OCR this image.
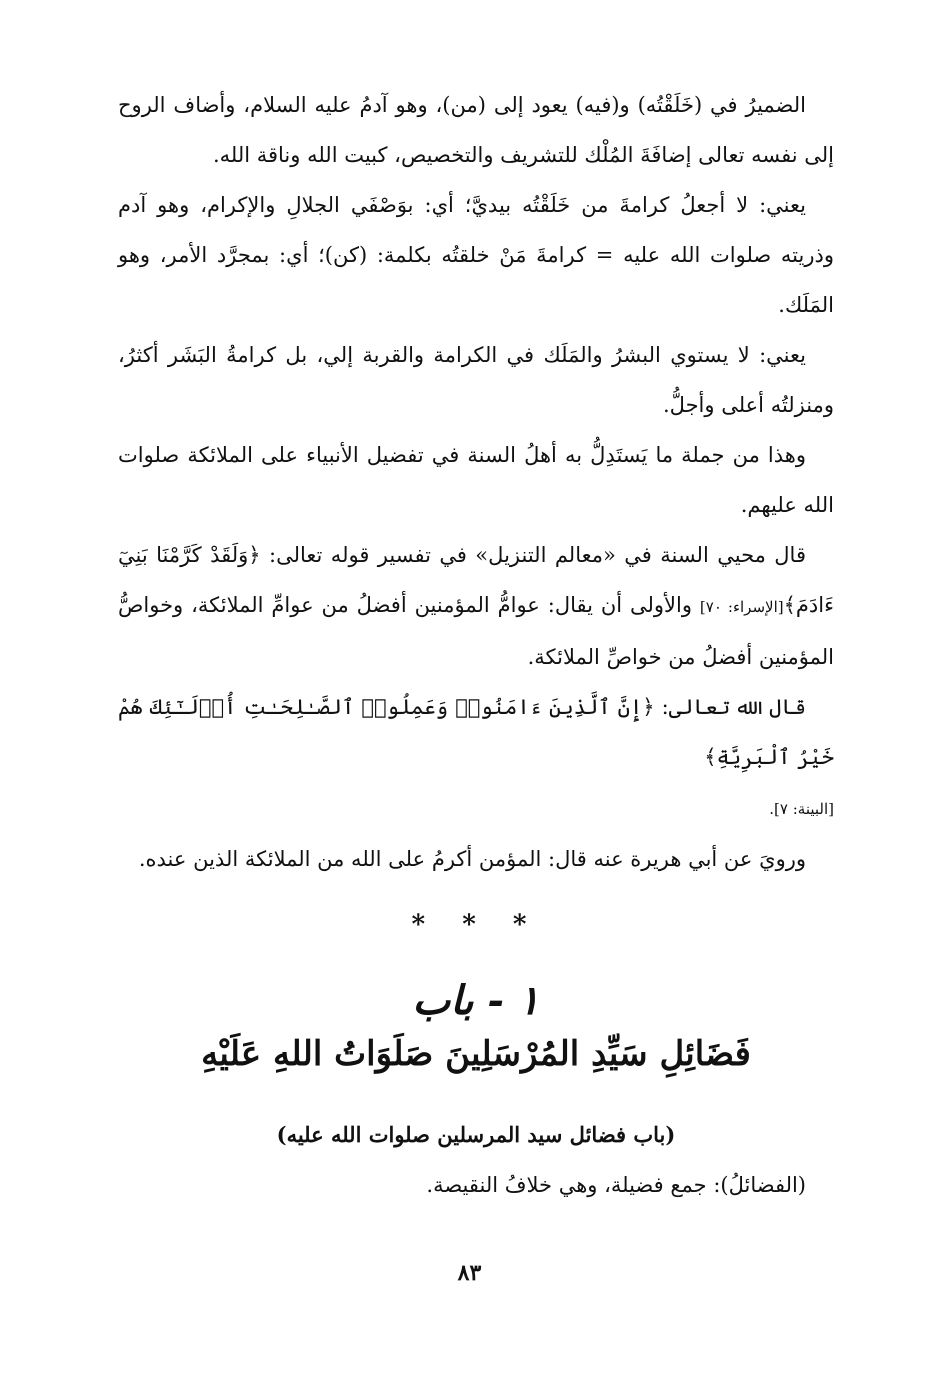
الضميرُ في (خَلَقْتُه) و(فيه) يعود إلى (من)، وهو آدمُ عليه السلام، وأضاف الروح إلى نفسه تعالى إضافَةَ المُلْك للتشريف والتخصيص، كبيت الله وناقة الله.

يعني: لا أجعلُ كرامةَ من خَلَقْتُه بيديَّ؛ أي: بوَصْفَي الجلالِ والإكرام، وهو آدم وذريته صلوات الله عليه = كرامةَ مَنْ خلقتُه بكلمة: (كن)؛ أي: بمجرَّد الأمر، وهو المَلَك.

يعني: لا يستوي البشرُ والمَلَك في الكرامة والقربة إلي، بل كرامةُ البَشَر أكثرُ، ومنزلتُه أعلى وأجلُّ.

وهذا من جملة ما يَستَدِلُّ به أهلُ السنة في تفضيل الأنبياء على الملائكة صلوات الله عليهم.

قال محيي السنة في «معالم التنزيل» في تفسير قوله تعالى: ﴿وَلَقَدْ كَرَّمْنَا بَنِيٓ ءَادَمَ﴾[الإسراء: ٧٠] والأولى أن يقال: عوامُّ المؤمنين أفضلُ من عوامِّ الملائكة، وخواصُّ المؤمنين أفضلُ من خواصِّ الملائكة.

قال الله تعالى: ﴿إِنَّ ٱلَّذِينَ ءَامَنُوا۟ وَعَمِلُوا۟ ٱلصَّـٰلِحَـٰتِ أُو۟لَـٰٓئِكَ هُمْ خَيْرُ ٱلْبَرِيَّةِ﴾

[البينة: ٧].

ورويَ عن أبي هريرة عنه قال: المؤمن أكرمُ على الله من الملائكة الذين عنده.

* * *

١ - باب

فَضَائِلِ سَيِّدِ المُرْسَلِينَ صَلَوَاتُ اللهِ عَلَيْهِ

(باب فضائل سيد المرسلين صلوات الله عليه)

(الفضائلُ): جمع فضيلة، وهي خلافُ النقيصة.

٨٣
